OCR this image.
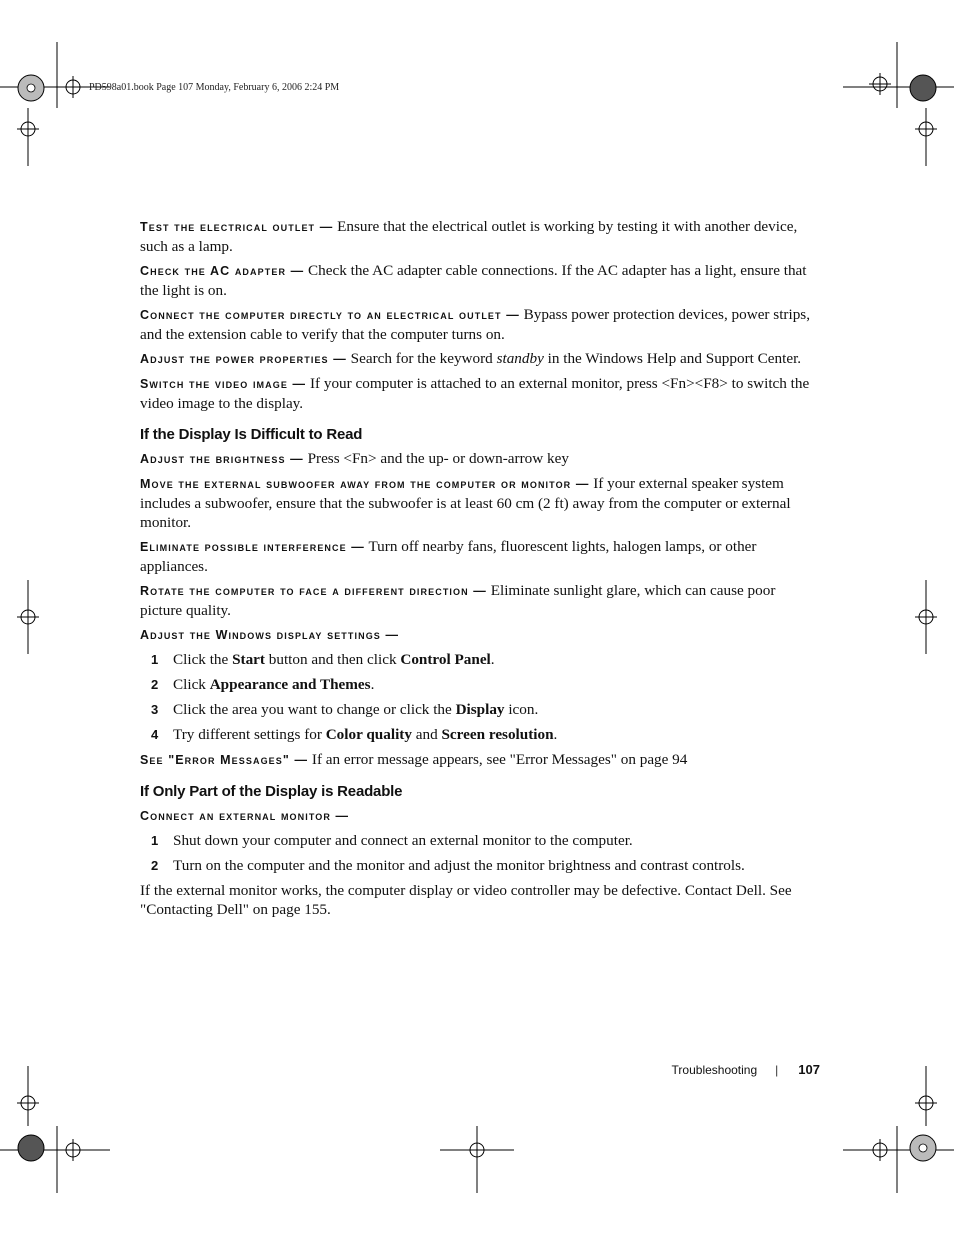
PD598a01.book Page 107 Monday, February 6, 2006 2:24 PM

Test the electrical outlet — Ensure that the electrical outlet is working by testing it with another device, such as a lamp.

Check the AC adapter — Check the AC adapter cable connections. If the AC adapter has a light, ensure that the light is on.

Connect the computer directly to an electrical outlet — Bypass power protection devices, power strips, and the extension cable to verify that the computer turns on.

Adjust the power properties — Search for the keyword standby in the Windows Help and Support Center.

Switch the video image — If your computer is attached to an external monitor, press <Fn><F8> to switch the video image to the display.

If the Display Is Difficult to Read

Adjust the brightness — Press <Fn> and the up- or down-arrow key

Move the external subwoofer away from the computer or monitor — If your external speaker system includes a subwoofer, ensure that the subwoofer is at least 60 cm (2 ft) away from the computer or external monitor.

Eliminate possible interference — Turn off nearby fans, fluorescent lights, halogen lamps, or other appliances.

Rotate the computer to face a different direction — Eliminate sunlight glare, which can cause poor picture quality.

Adjust the Windows display settings —

1 Click the Start button and then click Control Panel.
2 Click Appearance and Themes.
3 Click the area you want to change or click the Display icon.
4 Try different settings for Color quality and Screen resolution.

See "Error Messages" — If an error message appears, see "Error Messages" on page 94

If Only Part of the Display is Readable

Connect an external monitor —

1 Shut down your computer and connect an external monitor to the computer.
2 Turn on the computer and the monitor and adjust the monitor brightness and contrast controls.

If the external monitor works, the computer display or video controller may be defective. Contact Dell. See "Contacting Dell" on page 155.

Troubleshooting | 107
